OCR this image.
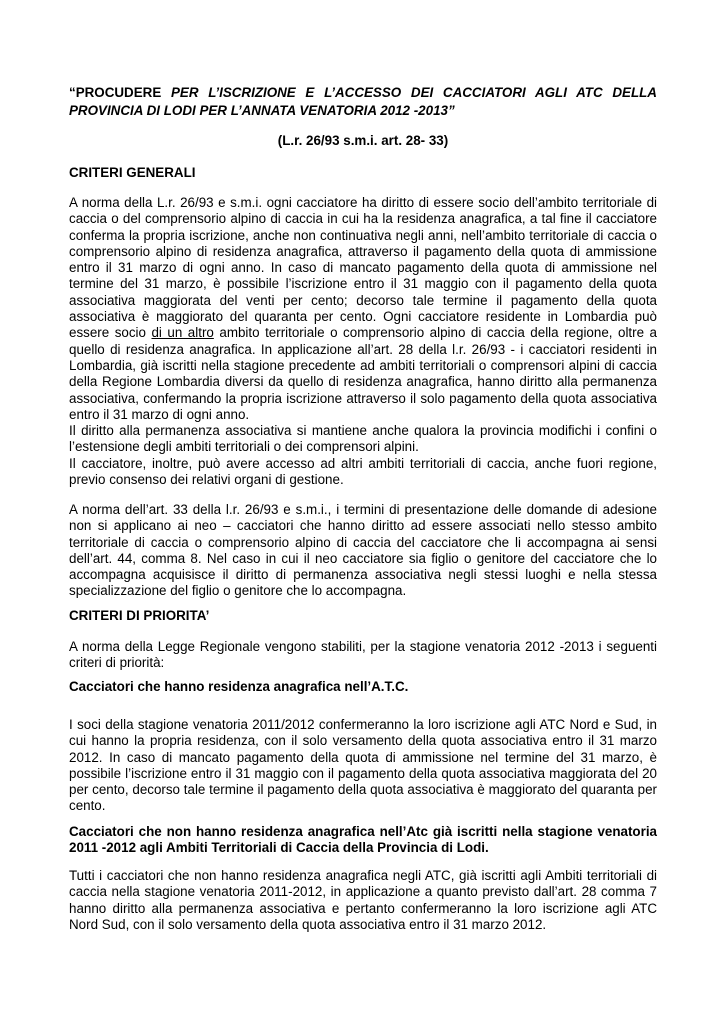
“PROCUDERE PER L’ISCRIZIONE E L’ACCESSO DEI CACCIATORI AGLI ATC DELLA PROVINCIA DI LODI PER L’ANNATA VENATORIA 2012 -2013”
(L.r. 26/93 s.m.i. art. 28- 33)
CRITERI GENERALI

A norma della L.r. 26/93 e s.m.i. ogni cacciatore ha diritto di essere socio dell’ambito territoriale di caccia o del comprensorio alpino di caccia in cui ha la residenza anagrafica, a tal fine il cacciatore conferma la propria iscrizione, anche non continuativa negli anni, nell’ambito territoriale di caccia o comprensorio alpino di residenza anagrafica, attraverso il pagamento della quota di ammissione entro il 31 marzo di ogni anno. In caso di mancato pagamento della quota di ammissione nel termine del 31 marzo, è possibile l’iscrizione entro il 31 maggio con il pagamento della quota associativa maggiorata del venti per cento; decorso tale termine il pagamento della quota associativa è maggiorato del quaranta per cento. Ogni cacciatore residente in Lombardia può essere socio di un altro ambito territoriale o comprensorio alpino di caccia della regione, oltre a quello di residenza anagrafica. In applicazione all’art. 28 della l.r. 26/93 - i cacciatori residenti in Lombardia, già iscritti nella stagione precedente ad ambiti territoriali o comprensori alpini di caccia della Regione Lombardia diversi da quello di residenza anagrafica, hanno diritto alla permanenza associativa, confermando la propria iscrizione attraverso il solo pagamento della quota associativa entro il 31 marzo di ogni anno.

Il diritto alla permanenza associativa si mantiene anche qualora la provincia modifichi i confini o l’estensione degli ambiti territoriali o dei comprensori alpini.

Il cacciatore, inoltre, può avere accesso ad altri ambiti territoriali di caccia, anche fuori regione, previo consenso dei relativi organi di gestione.
A norma dell’art. 33 della l.r. 26/93 e s.m.i., i termini di presentazione delle domande di adesione non si applicano ai neo – cacciatori che hanno diritto ad essere associati nello stesso ambito territoriale di caccia o comprensorio alpino di caccia del cacciatore che li accompagna ai sensi dell’art. 44, comma 8. Nel caso in cui il neo cacciatore sia figlio o genitore del cacciatore che lo accompagna acquisisce il diritto di permanenza associativa negli stessi luoghi e nella stessa specializzazione del figlio o genitore che lo accompagna.
CRITERI DI PRIORITA’
A norma della Legge Regionale vengono stabiliti, per la stagione venatoria 2012 -2013 i seguenti criteri di priorità:
Cacciatori che hanno residenza anagrafica nell’A.T.C.
I soci della stagione venatoria 2011/2012 confermeranno la loro iscrizione agli ATC Nord e Sud, in cui hanno la propria residenza, con il solo versamento della quota associativa entro il 31 marzo 2012. In caso di mancato pagamento della quota di ammissione nel termine del 31 marzo, è possibile l’iscrizione entro il 31 maggio con il pagamento della quota associativa maggiorata del 20 per cento, decorso tale termine il pagamento della quota associativa è maggiorato del quaranta per cento.
Cacciatori che non hanno residenza anagrafica nell’Atc già iscritti nella stagione venatoria 2011 -2012 agli Ambiti Territoriali di Caccia della Provincia di Lodi.
Tutti i cacciatori che non hanno residenza anagrafica negli ATC, già iscritti agli Ambiti territoriali di caccia nella stagione venatoria 2011-2012, in applicazione a quanto previsto dall’art. 28 comma 7 hanno diritto alla permanenza associativa e pertanto confermeranno la loro iscrizione agli ATC Nord Sud, con il solo versamento della quota associativa entro il 31 marzo 2012.
